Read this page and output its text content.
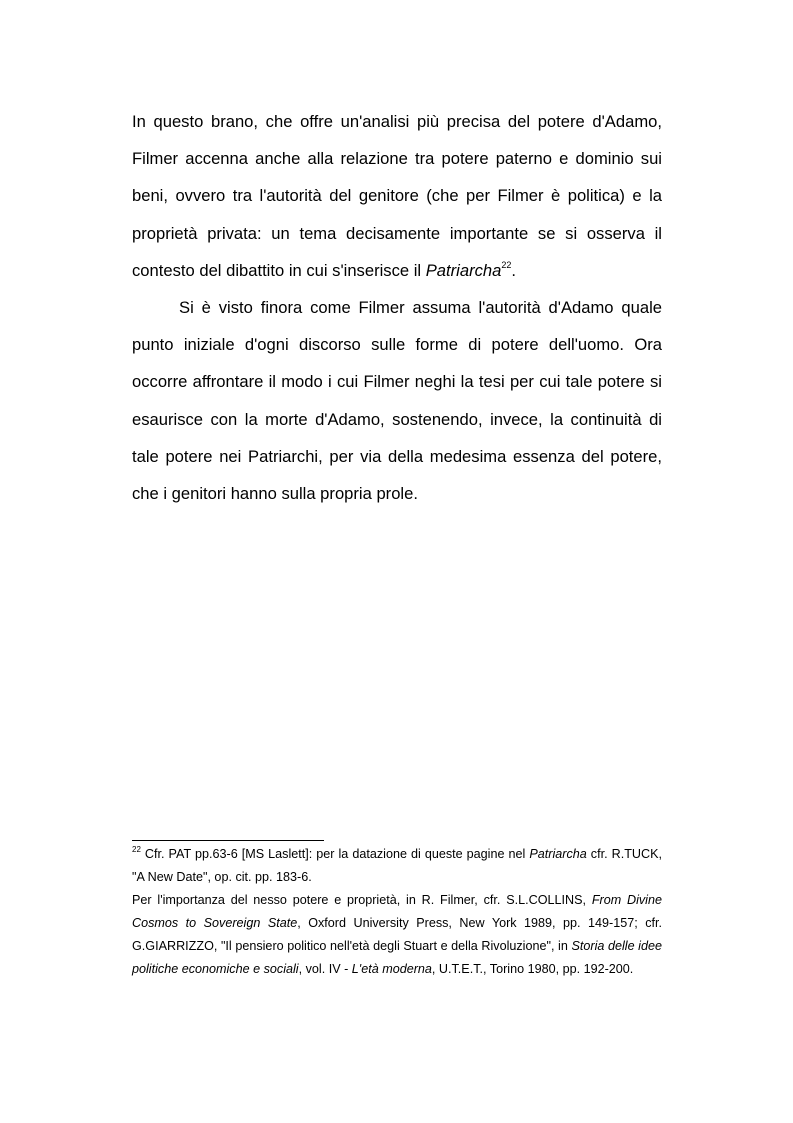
In questo brano, che offre un'analisi più precisa del potere d'Adamo, Filmer accenna anche alla relazione tra potere paterno e dominio sui beni, ovvero tra l'autorità del genitore (che per Filmer è politica) e la proprietà privata: un tema decisamente importante se si osserva il contesto del dibattito in cui s'inserisce il Patriarcha$^{22}$.

Si è visto finora come Filmer assuma l'autorità d'Adamo quale punto iniziale d'ogni discorso sulle forme di potere dell'uomo. Ora occorre affrontare il modo i cui Filmer neghi la tesi per cui tale potere si esaurisce con la morte d'Adamo, sostenendo, invece, la continuità di tale potere nei Patriarchi, per via della medesima essenza del potere, che i genitori hanno sulla propria prole.

$^{22}$ Cfr. PAT pp.63-6 [MS Laslett]: per la datazione di queste pagine nel Patriarcha cfr. R.TUCK, "A New Date", op. cit. pp. 183-6.

Per l'importanza del nesso potere e proprietà, in R. Filmer, cfr. S.L.COLLINS, From Divine Cosmos to Sovereign State, Oxford University Press, New York 1989, pp. 149-157; cfr. G.GIARRIZZO, "Il pensiero politico nell'età degli Stuart e della Rivoluzione", in Storia delle idee politiche economiche e sociali, vol. IV - L'età moderna, U.T.E.T., Torino 1980, pp. 192-200.
